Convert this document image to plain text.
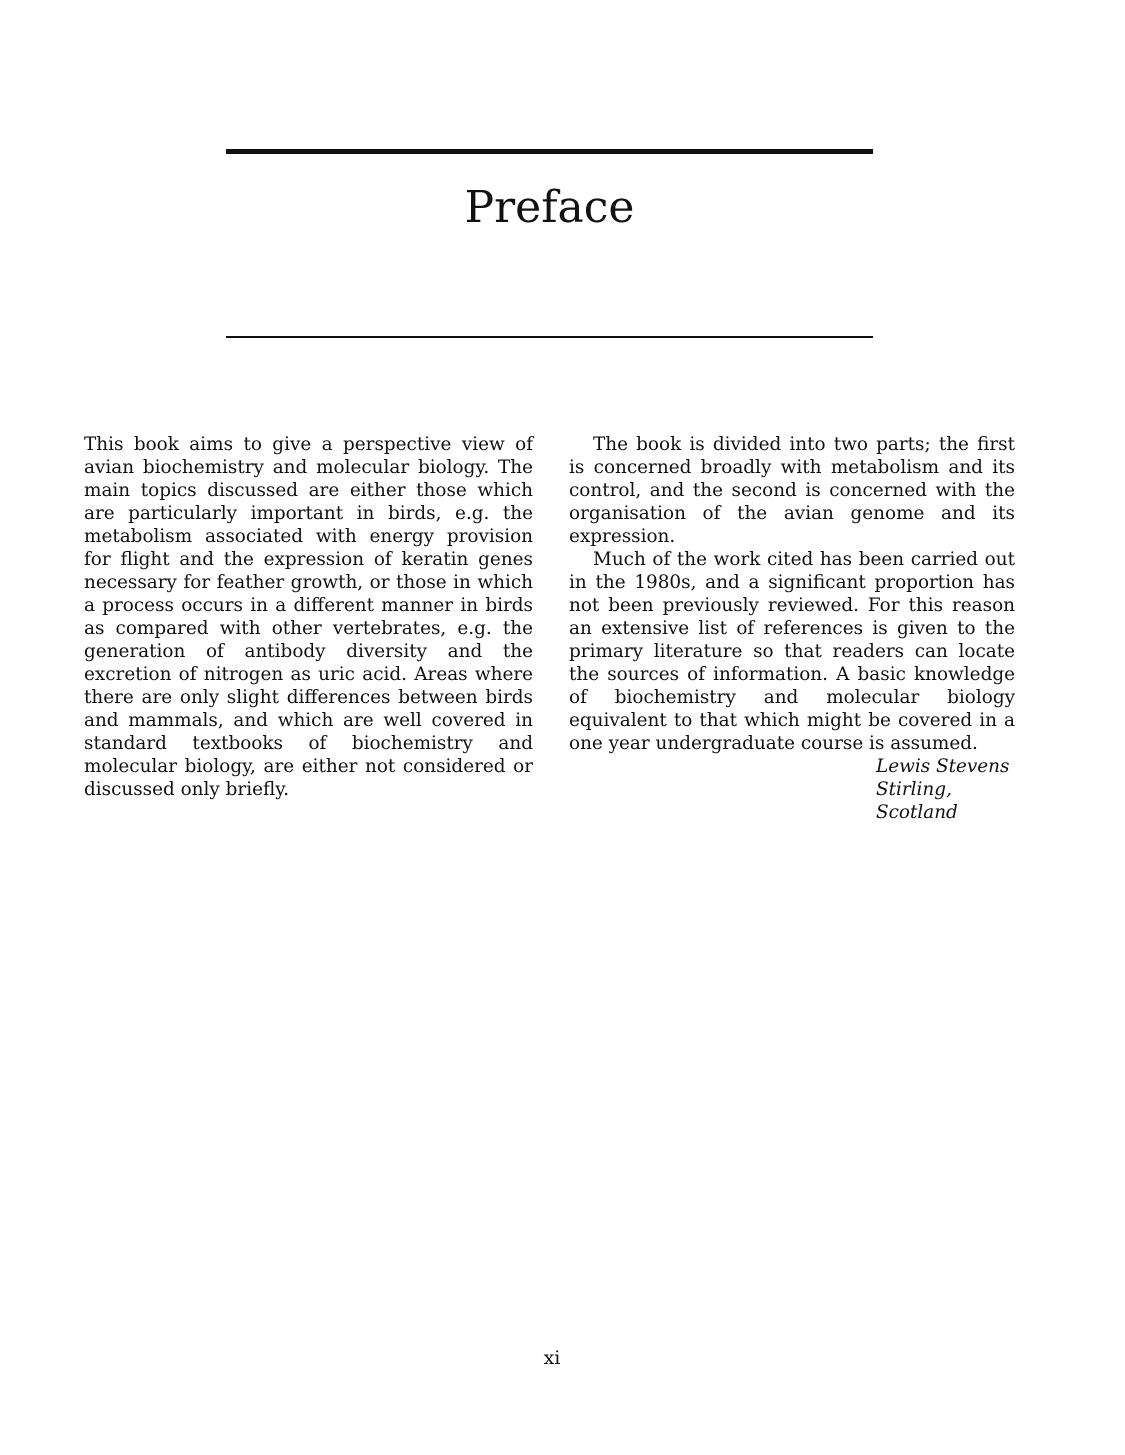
Preface

This book aims to give a perspective view of avian biochemistry and molecular biology. The main topics discussed are either those which are particularly important in birds, e.g. the metabolism associated with energy provision for flight and the expression of keratin genes necessary for feather growth, or those in which a process occurs in a different manner in birds as compared with other vertebrates, e.g. the generation of antibody diversity and the excretion of nitrogen as uric acid. Areas where there are only slight differences between birds and mammals, and which are well covered in standard textbooks of biochemistry and molecular biology, are either not considered or discussed only briefly.

The book is divided into two parts; the first is concerned broadly with metabolism and its control, and the second is concerned with the organisation of the avian genome and its expression.

Much of the work cited has been carried out in the 1980s, and a significant proportion has not been previously reviewed. For this reason an extensive list of references is given to the primary literature so that readers can locate the sources of information. A basic knowledge of biochemistry and molecular biology equivalent to that which might be covered in a one year undergraduate course is assumed.

Lewis Stevens

Stirling, Scotland

xi
